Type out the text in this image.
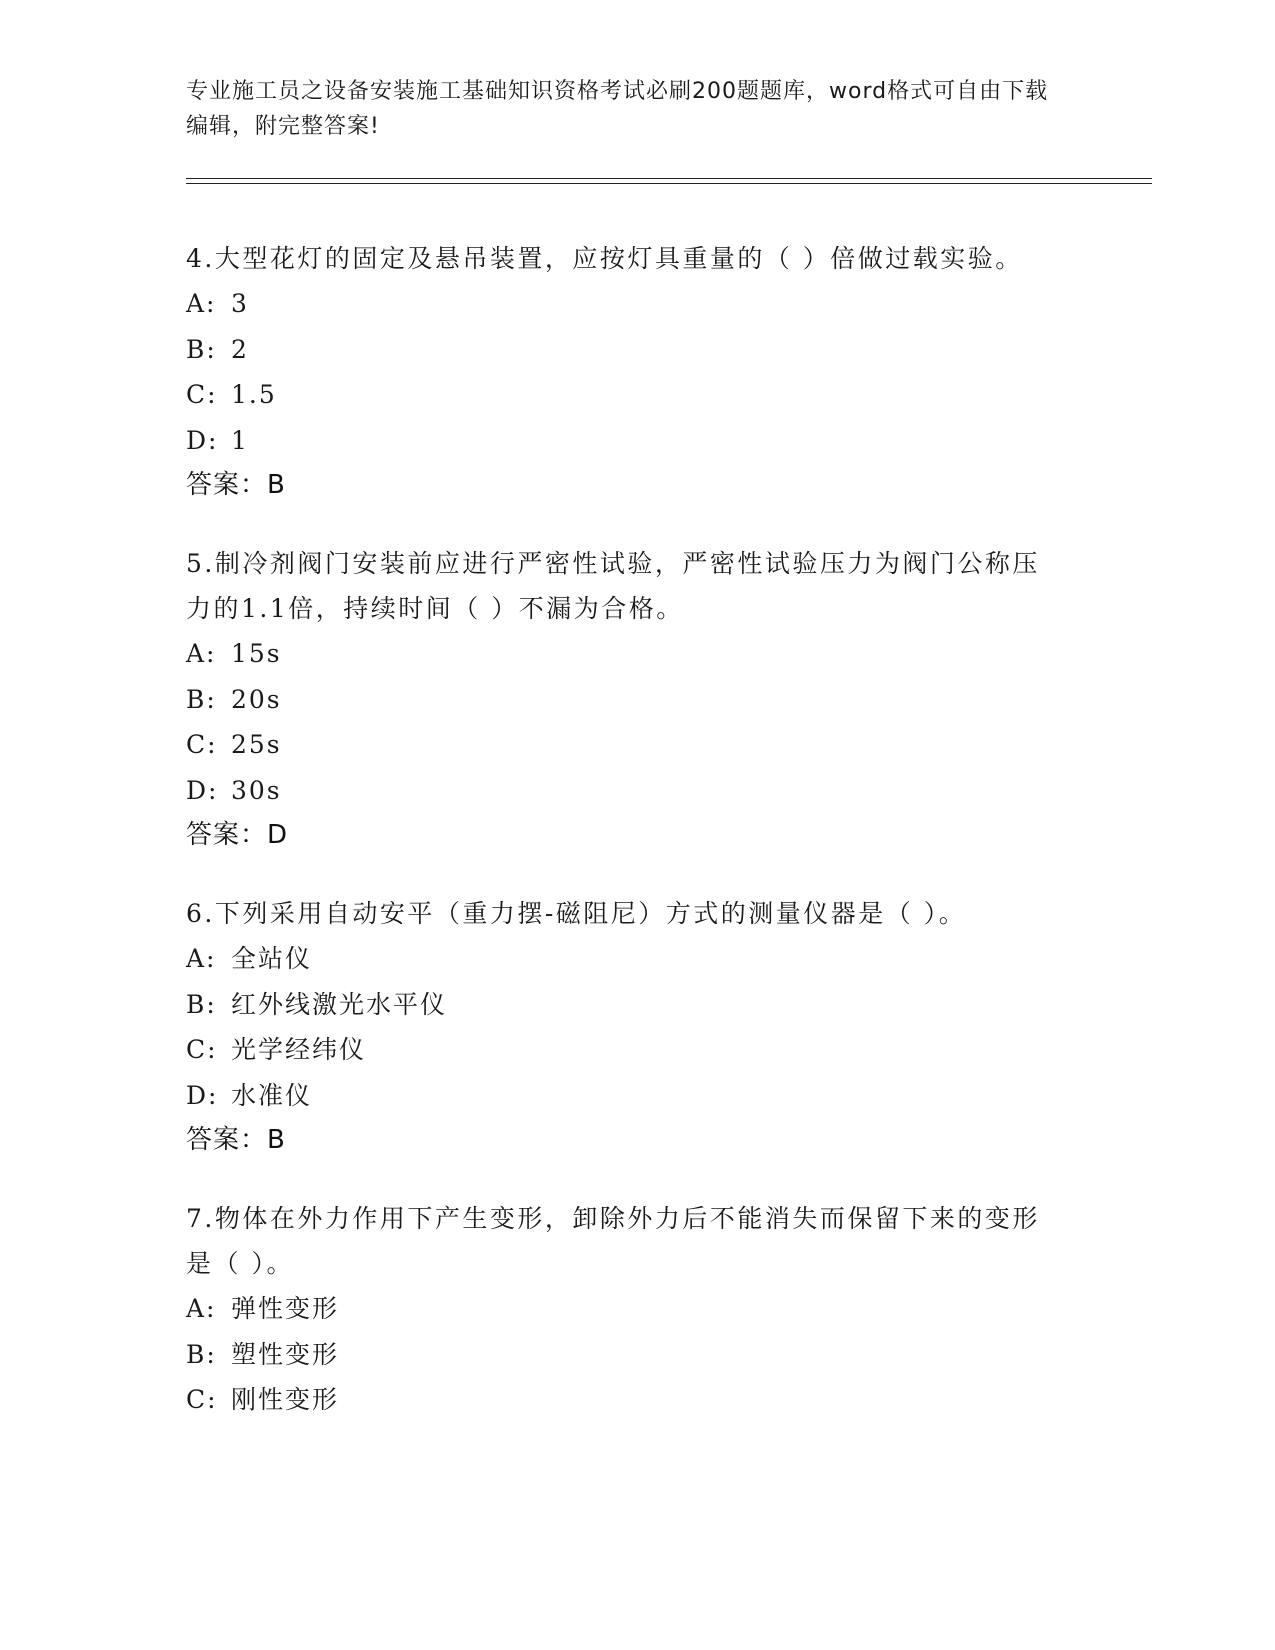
专业施工员之设备安装施工基础知识资格考试必刷200题题库，word格式可自由下载编辑，附完整答案!

4.大型花灯的固定及悬吊装置，应按灯具重量的（ ）倍做过载实验。

A: 3

B: 2

C: 1.5

D: 1

答案：B

5.制冷剂阀门安装前应进行严密性试验，严密性试验压力为阀门公称压力的1.1倍，持续时间（ ）不漏为合格。

A: 15s

B: 20s

C: 25s

D: 30s

答案：D

6.下列采用自动安平（重力摆-磁阻尼）方式的测量仪器是（ ）。

A: 全站仪

B: 红外线激光水平仪

C: 光学经纬仪

D: 水准仪

答案：B

7.物体在外力作用下产生变形，卸除外力后不能消失而保留下来的变形是（ ）。

A: 弹性变形

B: 塑性变形

C: 刚性变形
